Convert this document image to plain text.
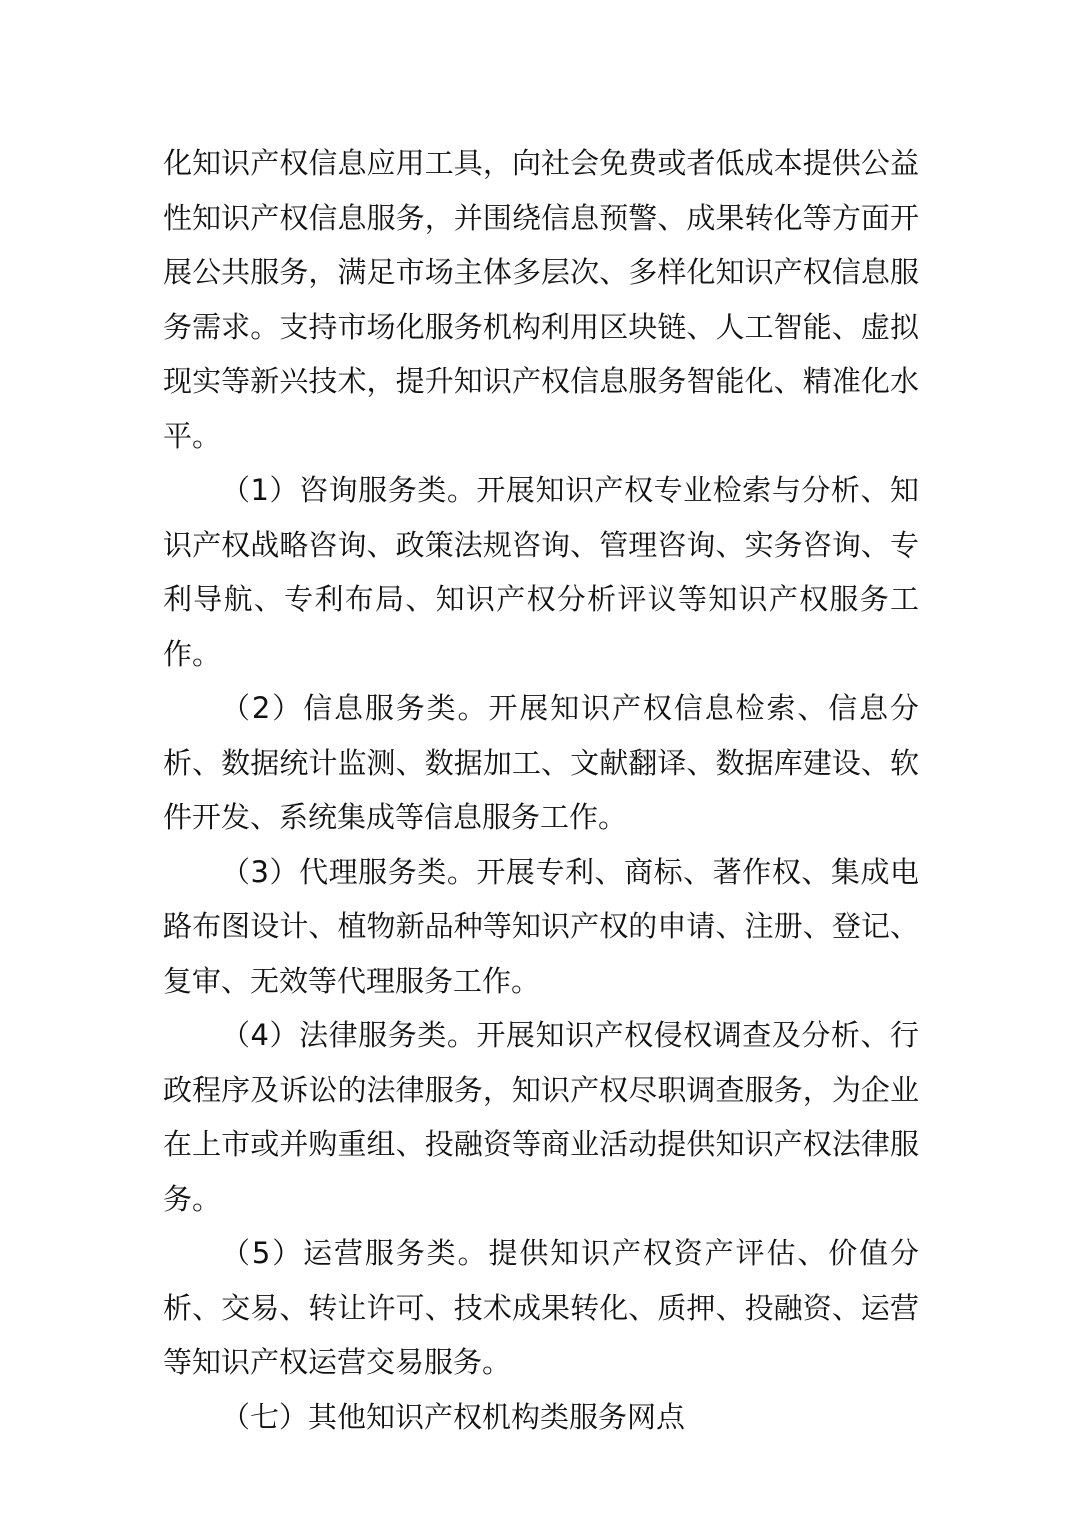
化知识产权信息应用工具，向社会免费或者低成本提供公益性知识产权信息服务，并围绕信息预警、成果转化等方面开展公共服务，满足市场主体多层次、多样化知识产权信息服务需求。支持市场化服务机构利用区块链、人工智能、虚拟现实等新兴技术，提升知识产权信息服务智能化、精准化水平。

（1）咨询服务类。开展知识产权专业检索与分析、知识产权战略咨询、政策法规咨询、管理咨询、实务咨询、专利导航、专利布局、知识产权分析评议等知识产权服务工作。

（2）信息服务类。开展知识产权信息检索、信息分析、数据统计监测、数据加工、文献翻译、数据库建设、软件开发、系统集成等信息服务工作。

（3）代理服务类。开展专利、商标、著作权、集成电路布图设计、植物新品种等知识产权的申请、注册、登记、复审、无效等代理服务工作。

（4）法律服务类。开展知识产权侵权调查及分析、行政程序及诉讼的法律服务，知识产权尽职调查服务，为企业在上市或并购重组、投融资等商业活动提供知识产权法律服务。

（5）运营服务类。提供知识产权资产评估、价值分析、交易、转让许可、技术成果转化、质押、投融资、运营等知识产权运营交易服务。

（七）其他知识产权机构类服务网点
